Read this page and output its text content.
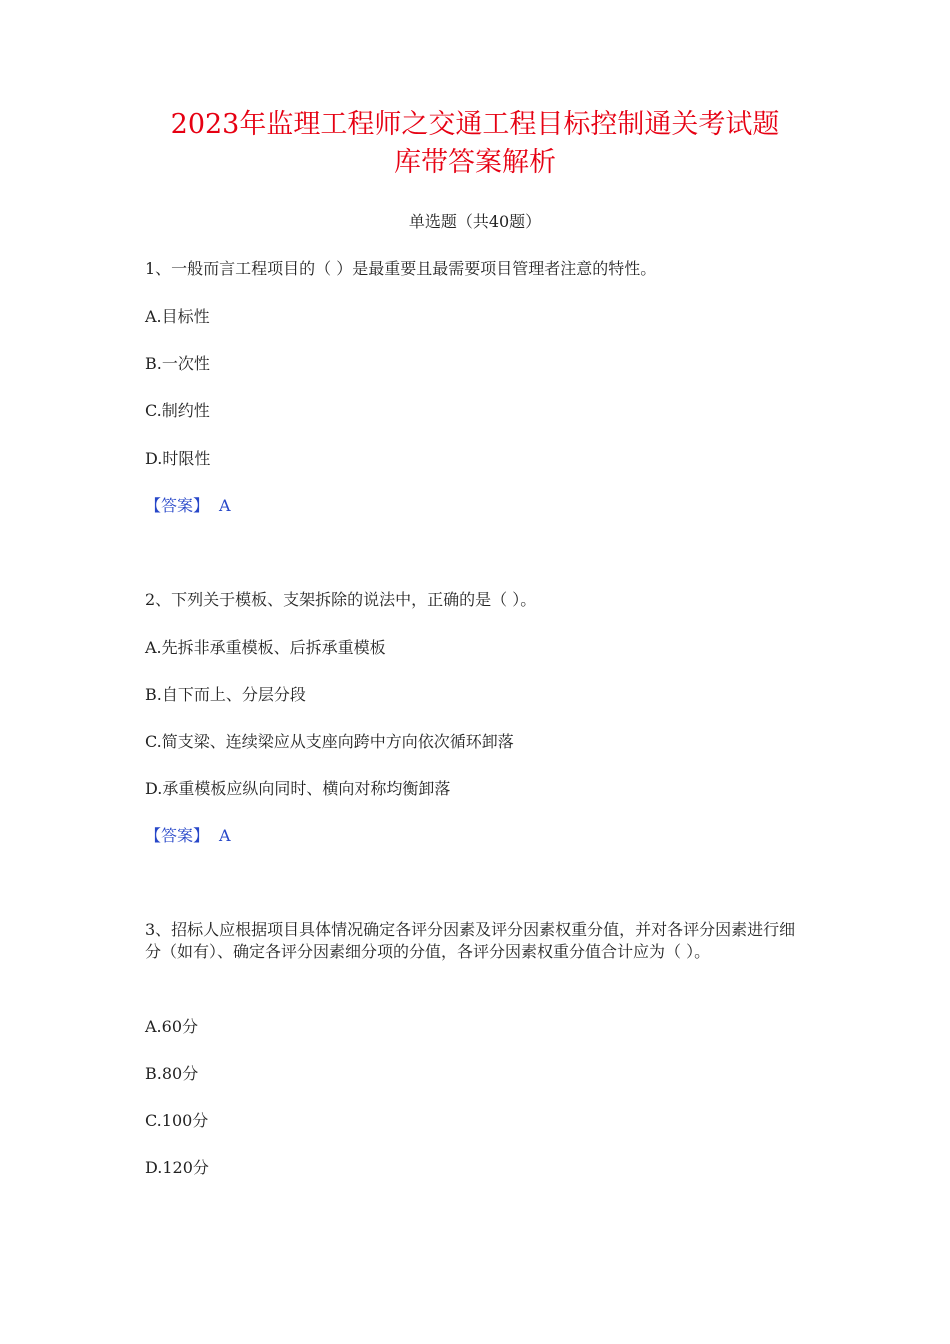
2023年监理工程师之交通工程目标控制通关考试题
库带答案解析
单选题（共40题）
1、一般而言工程项目的（ ）是最重要且最需要项目管理者注意的特性。
A.目标性
B.一次性
C.制约性
D.时限性
【答案】 A
2、下列关于模板、支架拆除的说法中，正确的是（ ）。
A.先拆非承重模板、后拆承重模板
B.自下而上、分层分段
C.简支梁、连续梁应从支座向跨中方向依次循环卸落
D.承重模板应纵向同时、横向对称均衡卸落
【答案】 A
3、招标人应根据项目具体情况确定各评分因素及评分因素权重分值，并对各评分因素进行细分（如有）、确定各评分因素细分项的分值，各评分因素权重分值合计应为（ ）。
A.60分
B.80分
C.100分
D.120分
